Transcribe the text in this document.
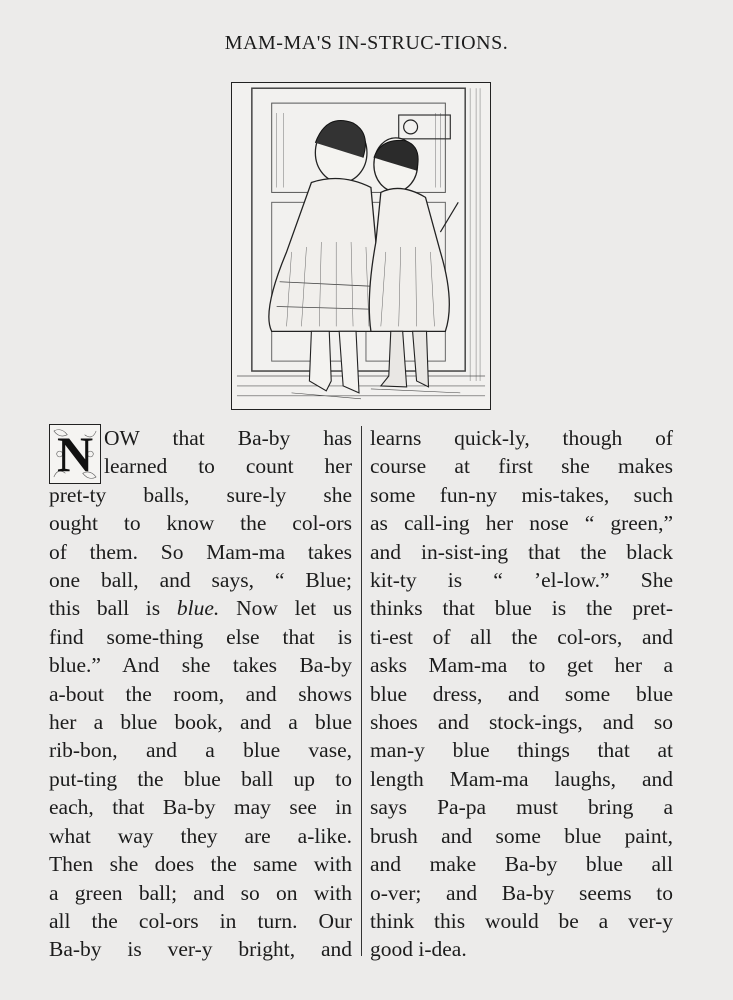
MAM-MA'S IN-STRUC-TIONS.
N OW that Ba-by has
learned to count her
pret-ty balls, sure-ly she
ought to know the col-ors
of them. So Mam-ma takes
one ball, and says, “ Blue;
this ball is blue. Now let us
find some-thing else that is
blue.” And she takes Ba-by
a-bout the room, and shows
her a blue book, and a blue
rib-bon, and a blue vase,
put-ting the blue ball up to
each, that Ba-by may see in
what way they are a-like.
Then she does the same with
a green ball; and so on with
all the col-ors in turn. Our
Ba-by is ver-y bright, and
learns quick-ly, though of
course at first she makes
some fun-ny mis-takes, such
as call-ing her nose “ green,”
and in-sist-ing that the black
kit-ty is “ ’el-low.” She
thinks that blue is the pret-
ti-est of all the col-ors, and
asks Mam-ma to get her a
blue dress, and some blue
shoes and stock-ings, and so
man-y blue things that at
length Mam-ma laughs, and
says Pa-pa must bring a
brush and some blue paint,
and make Ba-by blue all
o-ver; and Ba-by seems to
think this would be a ver-y
good i-dea.
